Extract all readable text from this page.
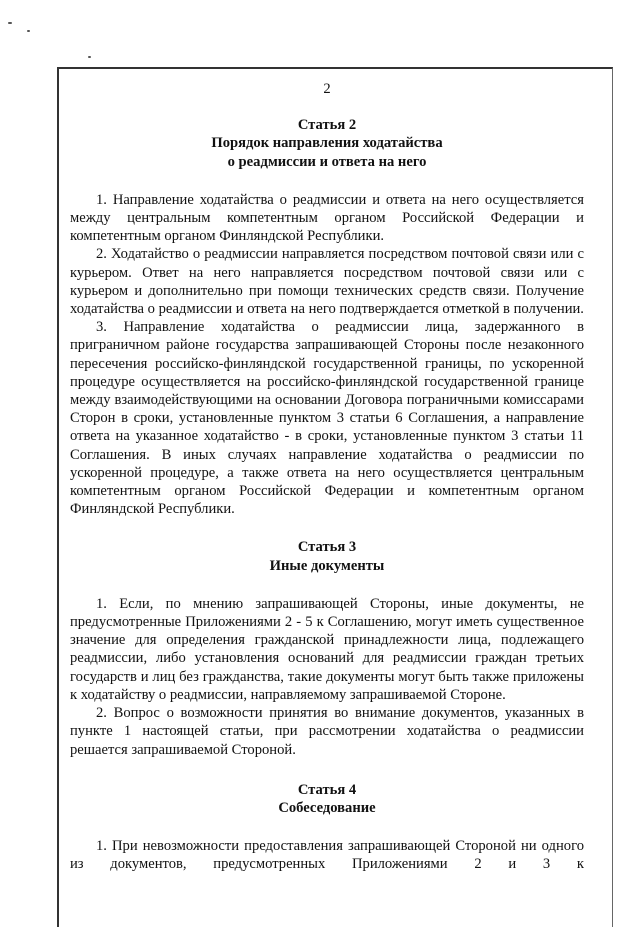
2
Статья 2
Порядок направления ходатайства
о реадмиссии и ответа на него

1. Направление ходатайства о реадмиссии и ответа на него осуществляется между центральным компетентным органом Российской Федерации и компетентным органом Финляндской Республики.

2. Ходатайство о реадмиссии направляется посредством почтовой связи или с курьером. Ответ на него направляется посредством почтовой связи или с курьером и дополнительно при помощи технических средств связи. Получение ходатайства о реадмиссии и ответа на него подтверждается отметкой в получении.

3. Направление ходатайства о реадмиссии лица, задержанного в приграничном районе государства запрашивающей Стороны после незаконного пересечения российско-финляндской государственной границы, по ускоренной процедуре осуществляется на российско-финляндской государственной границе между взаимодействующими на основании Договора пограничными комиссарами Сторон в сроки, установленные пунктом 3 статьи 6 Соглашения, а направление ответа на указанное ходатайство - в сроки, установленные пунктом 3 статьи 11 Соглашения. В иных случаях направление ходатайства о реадмиссии по ускоренной процедуре, а также ответа на него осуществляется центральным компетентным органом Российской Федерации и компетентным органом Финляндской Республики.

Статья 3
Иные документы

1. Если, по мнению запрашивающей Стороны, иные документы, не предусмотренные Приложениями 2 - 5 к Соглашению, могут иметь существенное значение для определения гражданской принадлежности лица, подлежащего реадмиссии, либо установления оснований для реадмиссии граждан третьих государств и лиц без гражданства, такие документы могут быть также приложены к ходатайству о реадмиссии, направляемому запрашиваемой Стороне.

2. Вопрос о возможности принятия во внимание документов, указанных в пункте 1 настоящей статьи, при рассмотрении ходатайства о реадмиссии решается запрашиваемой Стороной.

Статья 4
Собеседование

1. При невозможности предоставления запрашивающей Стороной ни одного из документов, предусмотренных Приложениями 2 и 3 к
